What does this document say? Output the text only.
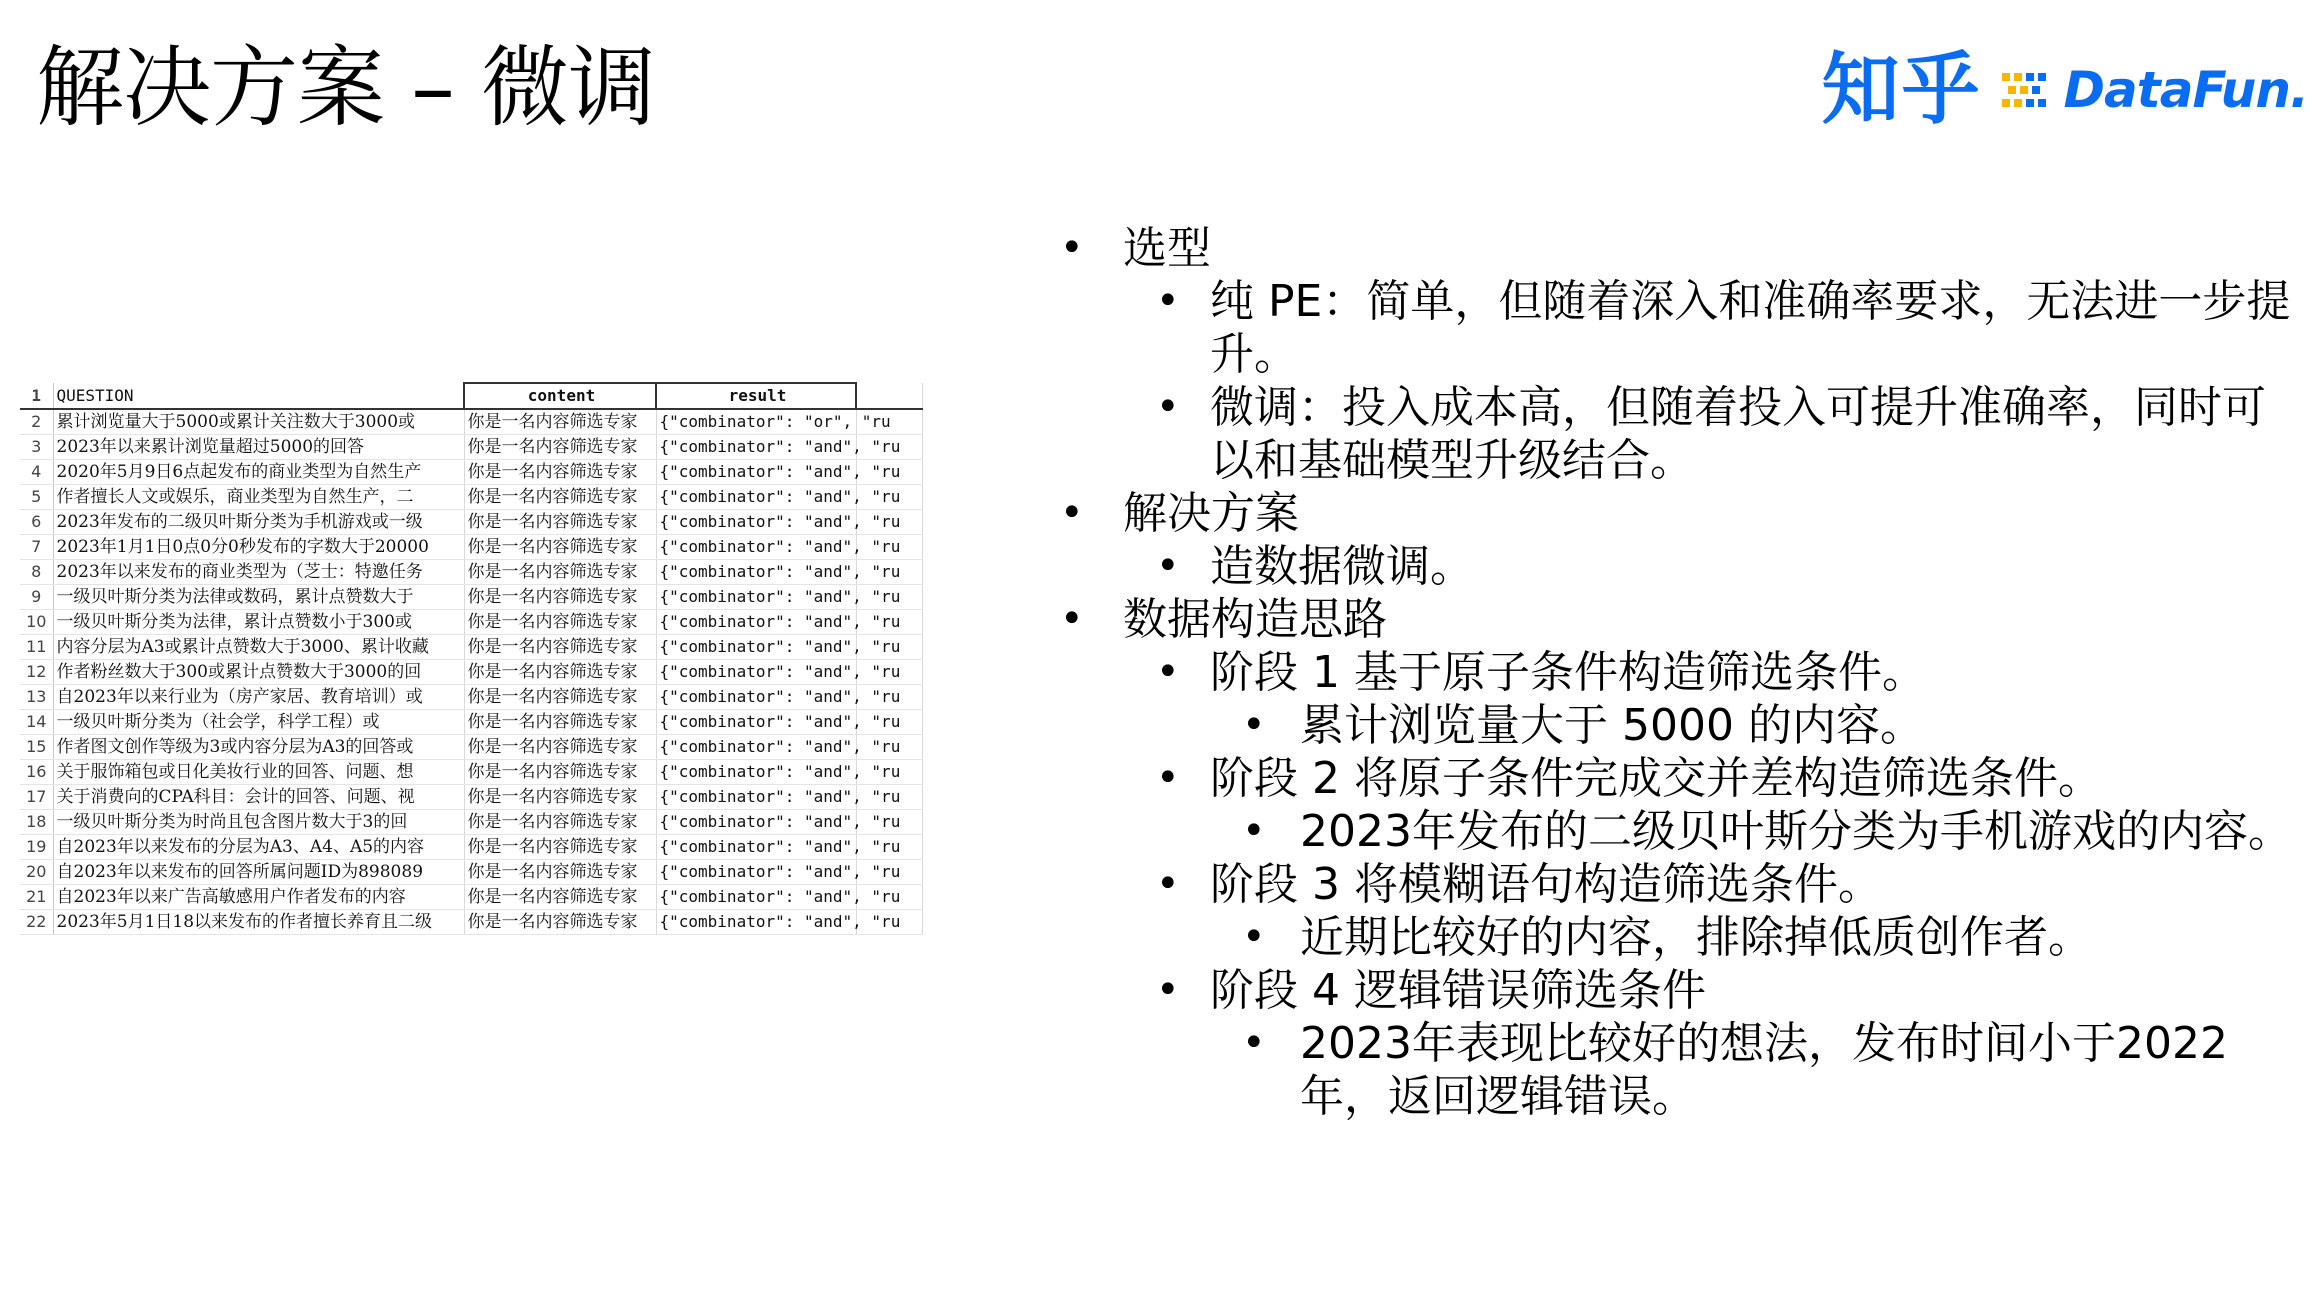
解决方案 – 微调	知乎 DataFun.
1	QUESTION	content	result	
2	累计浏览量大于5000或累计关注数大于3000或	你是一名内容筛选专家	{"combinator": "or", "ru	
3	2023年以来累计浏览量超过5000的回答	你是一名内容筛选专家	{"combinator": "and", "ru	
4	2020年5月9日6点起发布的商业类型为自然生产	你是一名内容筛选专家	{"combinator": "and", "ru	
5	作者擅长人文或娱乐，商业类型为自然生产，二	你是一名内容筛选专家	{"combinator": "and", "ru	
6	2023年发布的二级贝叶斯分类为手机游戏或一级	你是一名内容筛选专家	{"combinator": "and", "ru	
7	2023年1月1日0点0分0秒发布的字数大于20000	你是一名内容筛选专家	{"combinator": "and", "ru	
8	2023年以来发布的商业类型为（芝士：特邀任务	你是一名内容筛选专家	{"combinator": "and", "ru	
9	一级贝叶斯分类为法律或数码，累计点赞数大于	你是一名内容筛选专家	{"combinator": "and", "ru	
10	一级贝叶斯分类为法律，累计点赞数小于300或	你是一名内容筛选专家	{"combinator": "and", "ru	
11	内容分层为A3或累计点赞数大于3000、累计收藏	你是一名内容筛选专家	{"combinator": "and", "ru	
12	作者粉丝数大于300或累计点赞数大于3000的回	你是一名内容筛选专家	{"combinator": "and", "ru	
13	自2023年以来行业为（房产家居、教育培训）或	你是一名内容筛选专家	{"combinator": "and", "ru	
14	一级贝叶斯分类为（社会学，科学工程）或	你是一名内容筛选专家	{"combinator": "and", "ru	
15	作者图文创作等级为3或内容分层为A3的回答或	你是一名内容筛选专家	{"combinator": "and", "ru	
16	关于服饰箱包或日化美妆行业的回答、问题、想	你是一名内容筛选专家	{"combinator": "and", "ru	
17	关于消费向的CPA科目：会计的回答、问题、视	你是一名内容筛选专家	{"combinator": "and", "ru	
18	一级贝叶斯分类为时尚且包含图片数大于3的回	你是一名内容筛选专家	{"combinator": "and", "ru	
19	自2023年以来发布的分层为A3、A4、A5的内容	你是一名内容筛选专家	{"combinator": "and", "ru	
20	自2023年以来发布的回答所属问题ID为898089	你是一名内容筛选专家	{"combinator": "and", "ru	
21	自2023年以来广告高敏感用户作者发布的内容	你是一名内容筛选专家	{"combinator": "and", "ru	
22	2023年5月1日18以来发布的作者擅长养育且二级	你是一名内容筛选专家	{"combinator": "and", "ru	
• 选型
• 纯 PE：简单，但随着深入和准确率要求，无法进一步提升。
• 微调：投入成本高，但随着投入可提升准确率，同时可以和基础模型升级结合。
• 解决方案
• 造数据微调。
• 数据构造思路
• 阶段 1 基于原子条件构造筛选条件。
• 累计浏览量大于 5000 的内容。
• 阶段 2 将原子条件完成交并差构造筛选条件。
• 2023年发布的二级贝叶斯分类为手机游戏的内容。
• 阶段 3 将模糊语句构造筛选条件。
• 近期比较好的内容，排除掉低质创作者。
• 阶段 4 逻辑错误筛选条件
• 2023年表现比较好的想法，发布时间小于2022年，返回逻辑错误。
